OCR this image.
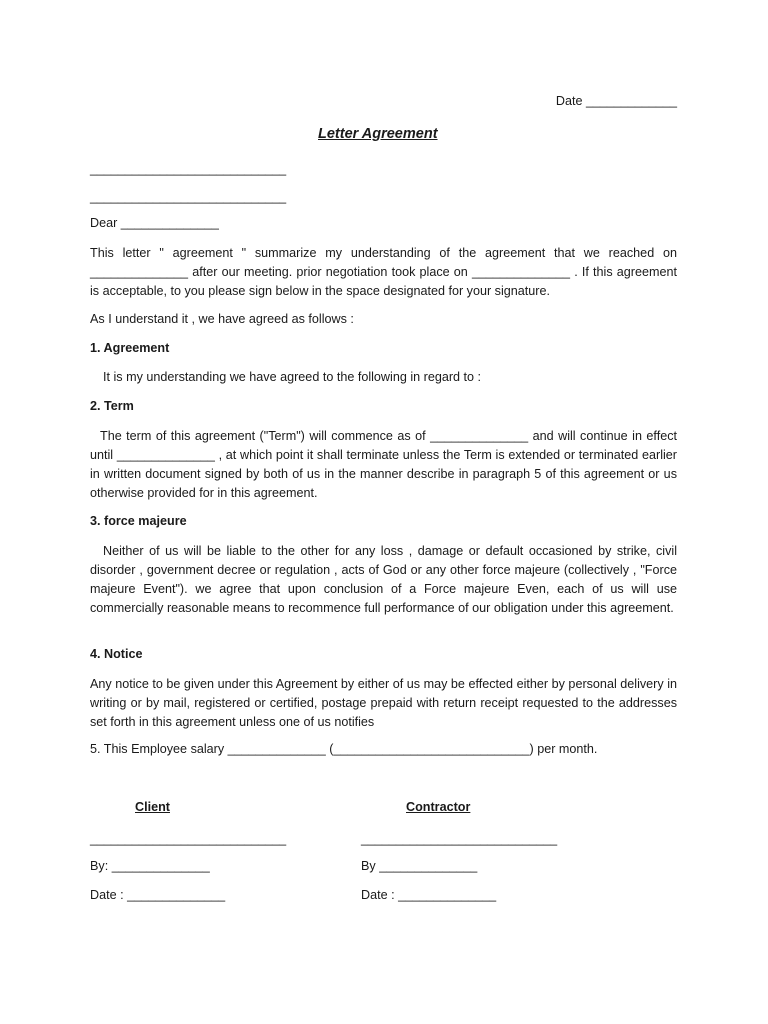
Date _____________
Letter Agreement
____________________________
____________________________
Dear ______________
This letter " agreement " summarize my understanding of the agreement that we reached on ______________ after our meeting. prior negotiation took place on ______________ . If this agreement is acceptable, to you please sign below in the space designated for your signature.
As I understand it , we have agreed as follows :
1. Agreement
It is my understanding we have agreed to the following in regard to :
2. Term
The term of this agreement ("Term") will commence as of ______________ and will continue in effect until ______________ , at which point it shall terminate unless the Term is extended or terminated earlier in written document signed by both of us in the manner describe in paragraph 5 of this agreement or us otherwise provided for in this agreement.
3. force majeure
Neither of us will be liable to the other for any loss , damage or default occasioned by strike, civil disorder , government decree or regulation , acts of God or any other force majeure (collectively , "Force majeure Event"). we agree that upon conclusion of a Force majeure Even, each of us will use commercially reasonable means to recommence full performance of our obligation under this agreement.
4. Notice
Any notice to be given under this Agreement by either of us may be effected either by personal delivery in writing or by mail, registered or certified, postage prepaid with return receipt requested to the addresses set forth in this agreement unless one of us notifies
5. This Employee salary ______________ (____________________________) per month.
Client	Contractor
____________________________	____________________________
By: ______________	By ______________
Date : ______________	Date : ______________
